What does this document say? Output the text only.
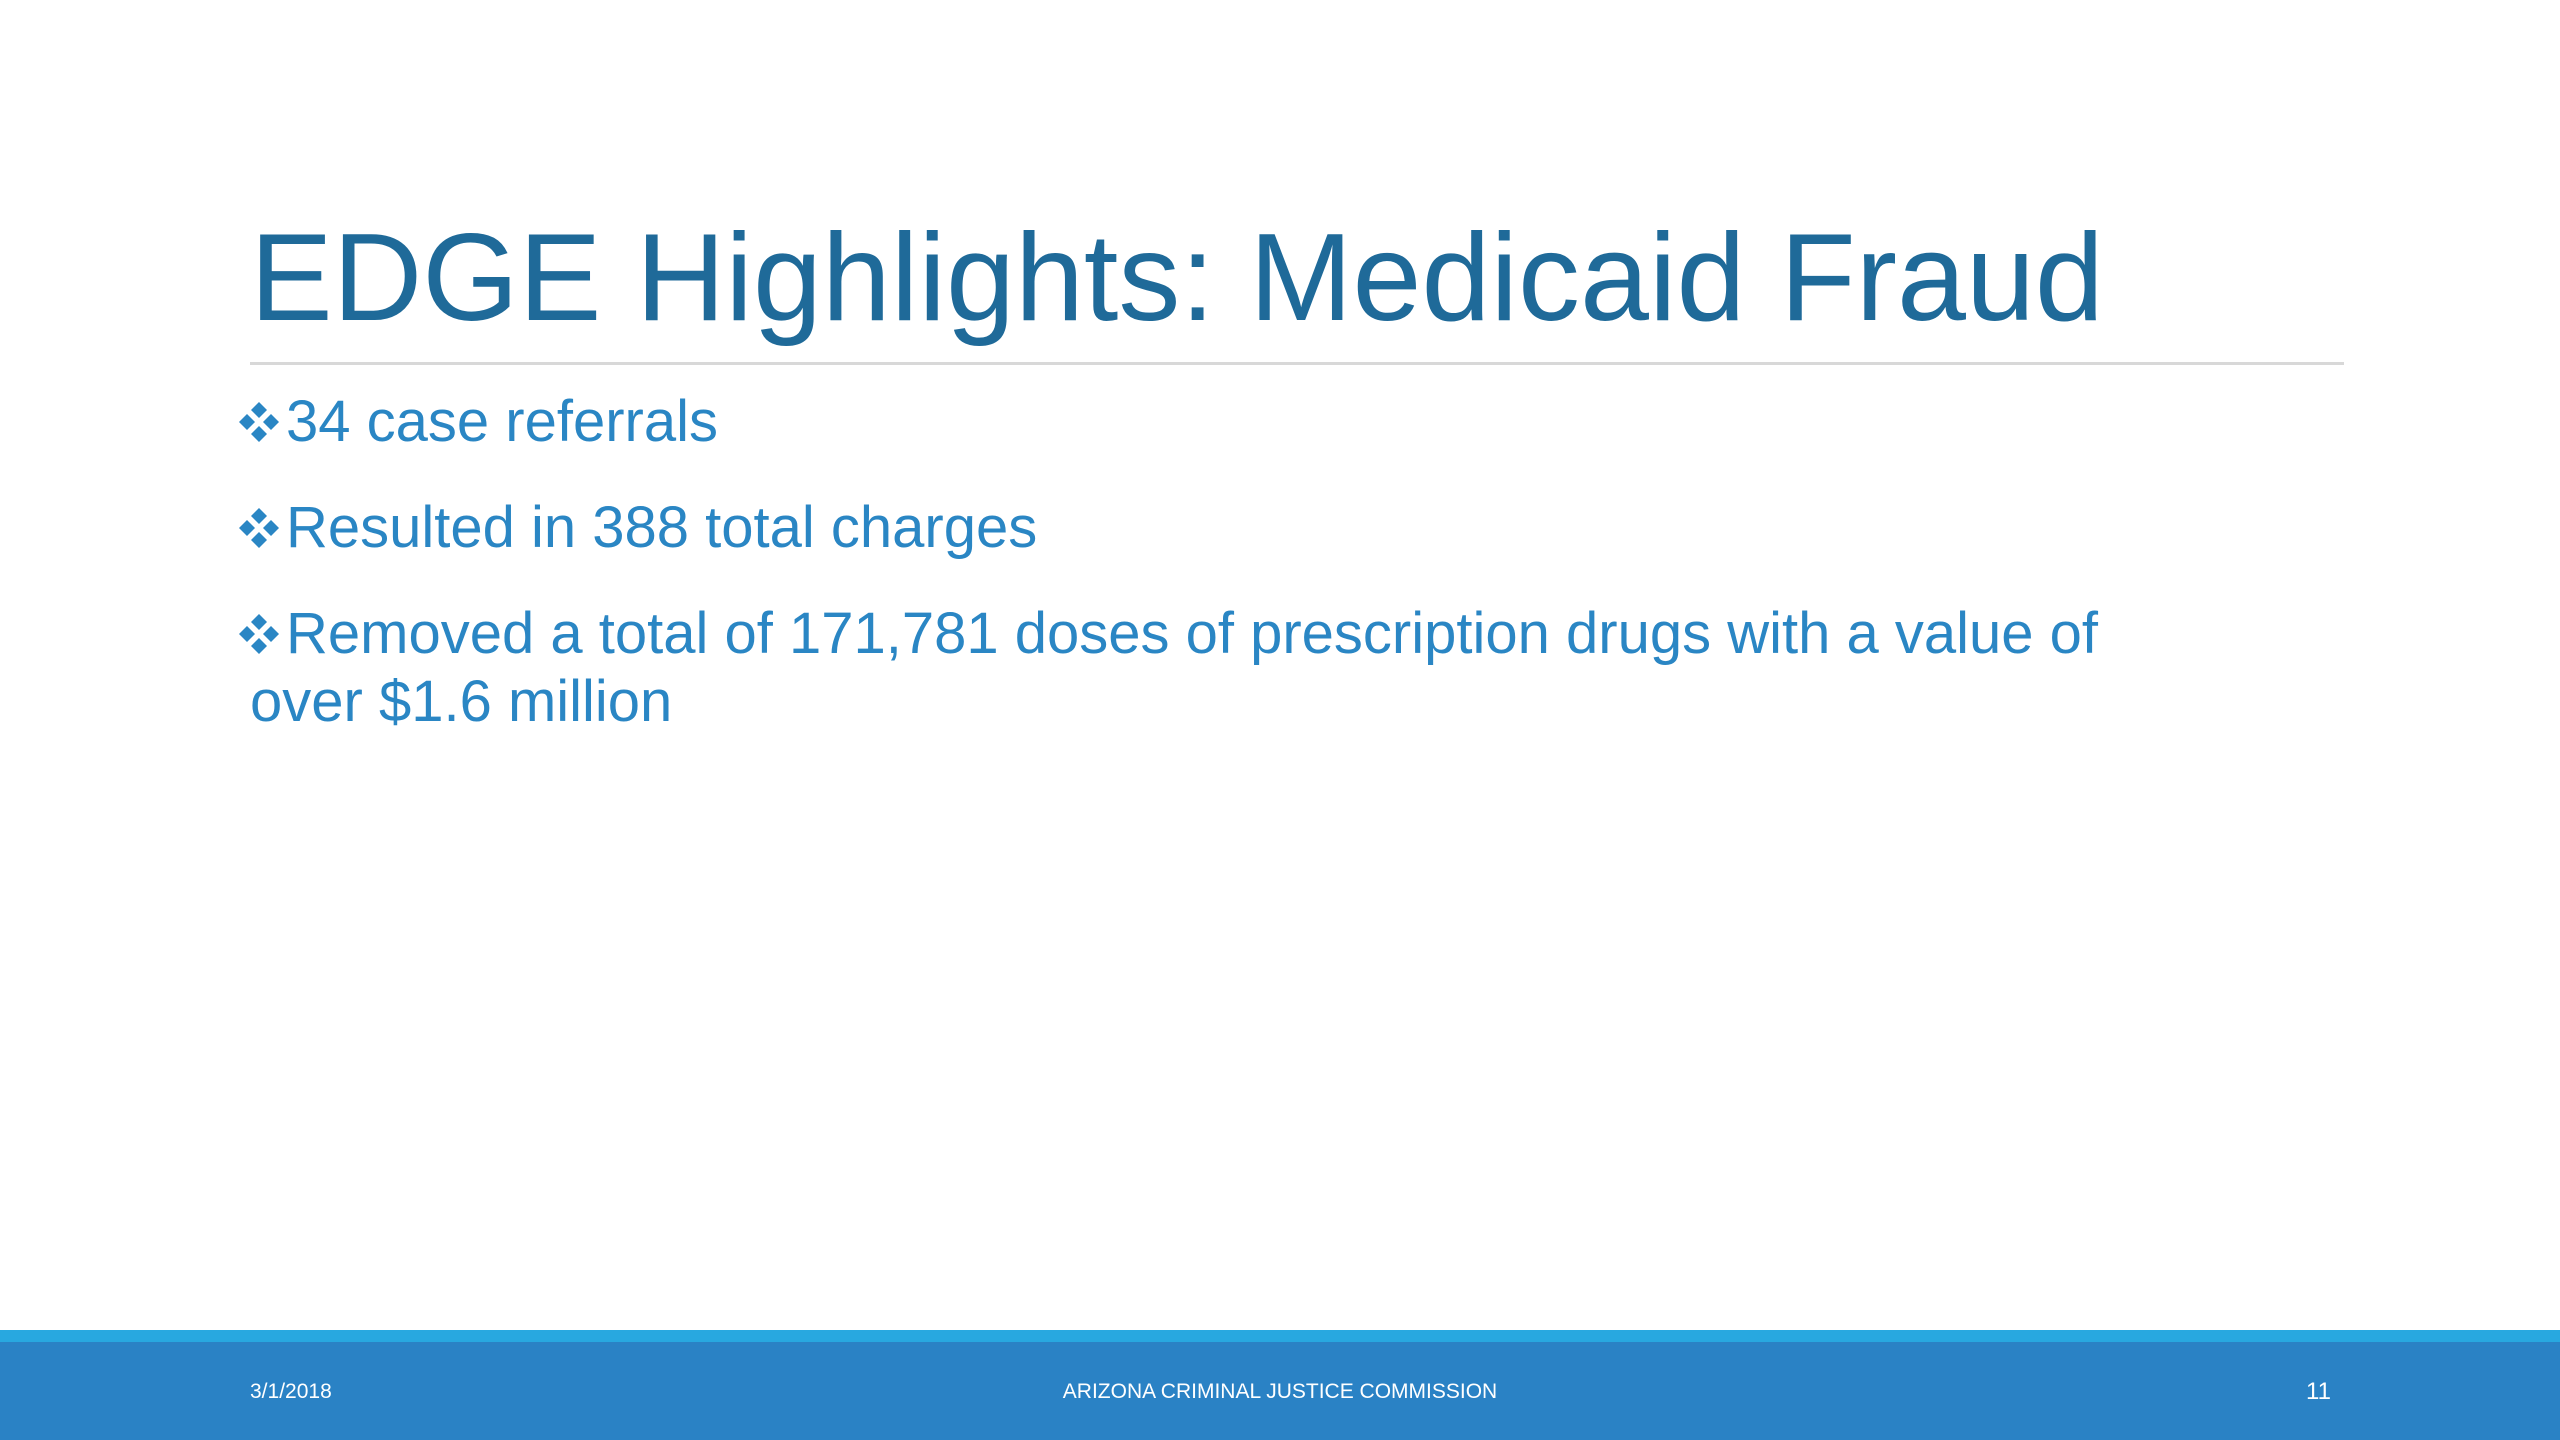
EDGE Highlights: Medicaid Fraud
34 case referrals
Resulted in 388 total charges
Removed a total of 171,781 doses of prescription drugs with a value of
over $1.6 million
3/1/2018	ARIZONA CRIMINAL JUSTICE COMMISSION	11
